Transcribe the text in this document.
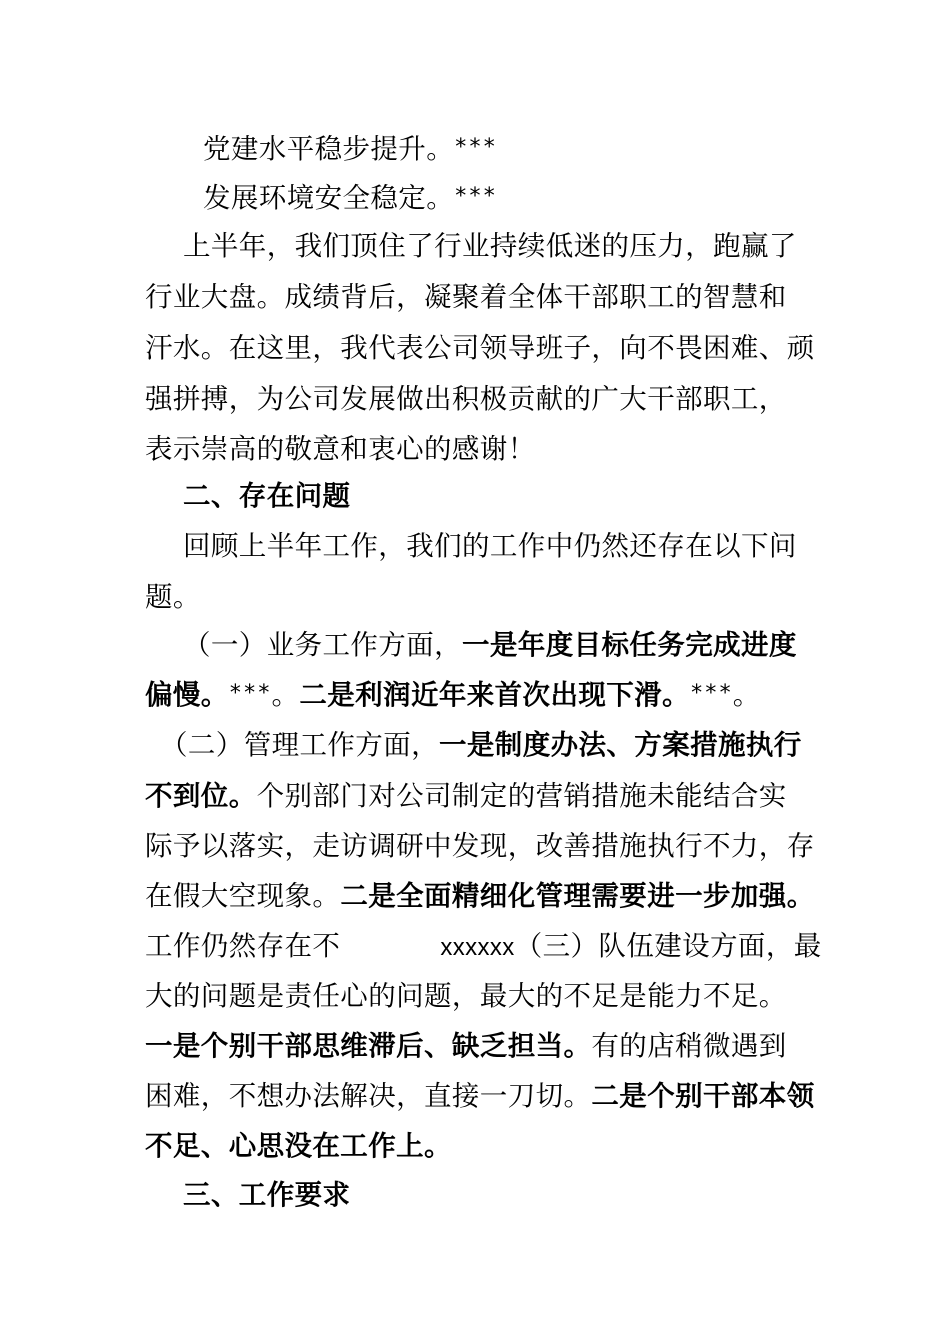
党建水平稳步提升。***
发展环境安全稳定。***
上半年，我们顶住了行业持续低迷的压力，跑赢了
行业大盘。成绩背后，凝聚着全体干部职工的智慧和
汗水。在这里，我代表公司领导班子，向不畏困难、顽
强拼搏，为公司发展做出积极贡献的广大干部职工，
表示崇高的敬意和衷心的感谢！
二、存在问题
回顾上半年工作，我们的工作中仍然还存在以下问
题。
（一）业务工作方面，一是年度目标任务完成进度
偏慢。***。二是利润近年来首次出现下滑。***。
（二）管理工作方面，一是制度办法、方案措施执行
不到位。个别部门对公司制定的营销措施未能结合实
际予以落实，走访调研中发现，改善措施执行不力，存
在假大空现象。二是全面精细化管理需要进一步加强。
工作仍然存在不	xxxxxx（三）队伍建设方面，最
大的问题是责任心的问题，最大的不足是能力不足。
一是个别干部思维滞后、缺乏担当。有的店稍微遇到
困难，不想办法解决，直接一刀切。二是个别干部本领
不足、心思没在工作上。
三、工作要求
